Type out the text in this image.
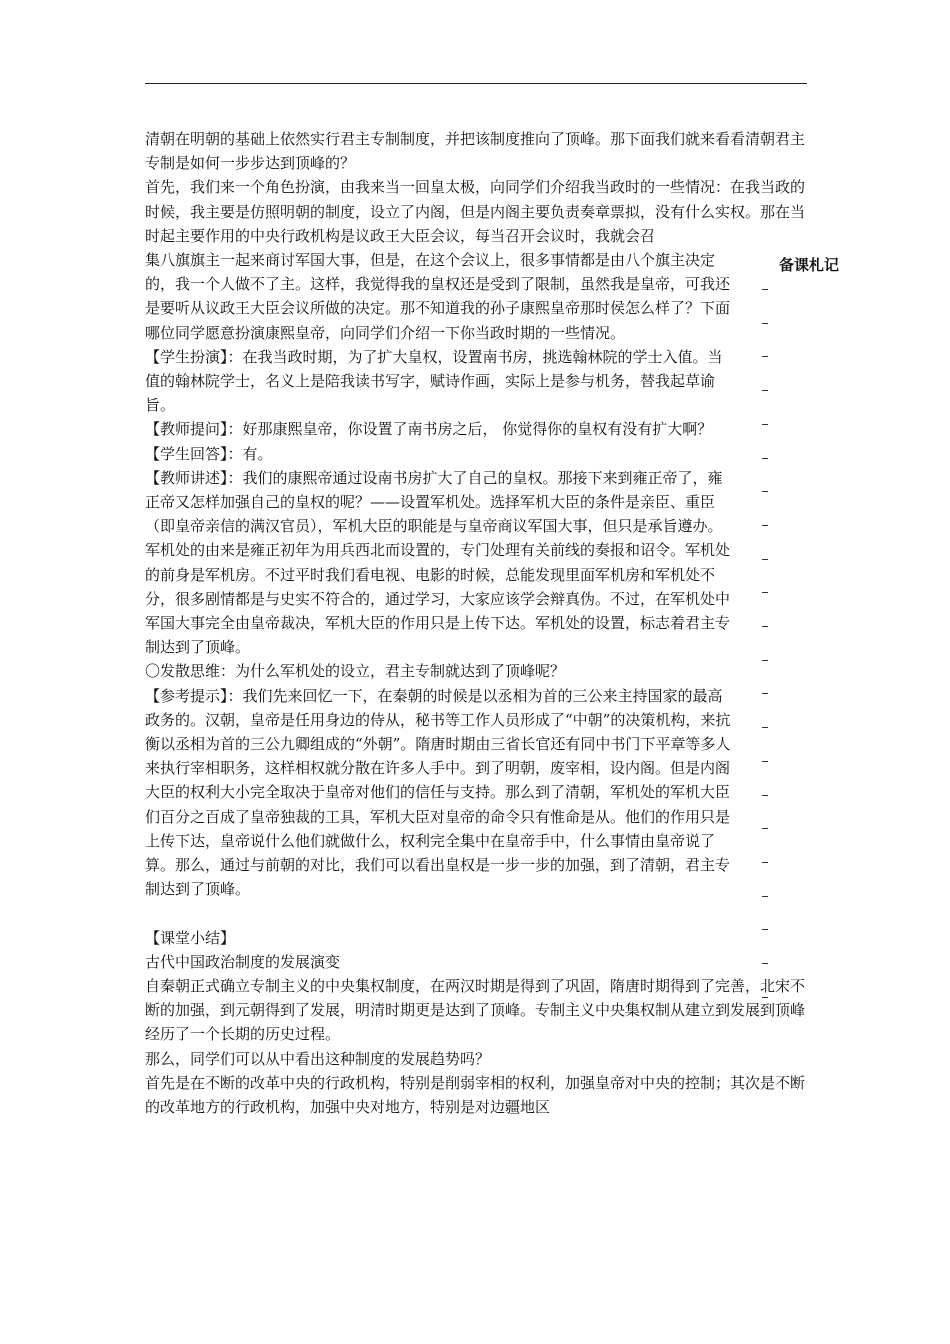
备课札记

清朝在明朝的基础上依然实行君主专制制度，并把该制度推向了顶峰。那下面我们就来看看清朝君主专制是如何一步步达到顶峰的？

首先，我们来一个角色扮演，由我来当一回皇太极，向同学们介绍我当政时的一些情况：在我当政的时候，我主要是仿照明朝的制度，设立了内阁，但是内阁主要负责奏章票拟，没有什么实权。那在当时起主要作用的中央行政机构是议政王大臣会议，每当召开会议时，我就会召

集八旗旗主一起来商讨军国大事，但是，在这个会议上，很多事情都是由八个旗主决定的，我一个人做不了主。这样，我觉得我的皇权还是受到了限制，虽然我是皇帝，可我还是要听从议政王大臣会议所做的决定。那不知道我的孙子康熙皇帝那时侯怎么样了？下面哪位同学愿意扮演康熙皇帝，向同学们介绍一下你当政时期的一些情况。

【学生扮演】：在我当政时期，为了扩大皇权，设置南书房，挑选翰林院的学士入值。当值的翰林院学士，名义上是陪我读书写字，赋诗作画，实际上是参与机务，替我起草谕旨。

【教师提问】：好那康熙皇帝，你设置了南书房之后， 你觉得你的皇权有没有扩大啊？

【学生回答】：有。

【教师讲述】：我们的康熙帝通过设南书房扩大了自己的皇权。那接下来到雍正帝了，雍正帝又怎样加强自己的皇权的呢？——设置军机处。选择军机大臣的条件是亲臣、重臣（即皇帝亲信的满汉官员），军机大臣的职能是与皇帝商议军国大事，但只是承旨遵办。

军机处的由来是雍正初年为用兵西北而设置的，专门处理有关前线的奏报和诏令。军机处的前身是军机房。不过平时我们看电视、电影的时候，总能发现里面军机房和军机处不分，很多剧情都是与史实不符合的，通过学习，大家应该学会辩真伪。不过，在军机处中军国大事完全由皇帝裁决，军机大臣的作用只是上传下达。军机处的设置，标志着君主专制达到了顶峰。

〇发散思维：为什么军机处的设立，君主专制就达到了顶峰呢？

【参考提示】：我们先来回忆一下，在秦朝的时候是以丞相为首的三公来主持国家的最高政务的。汉朝，皇帝是任用身边的侍从，秘书等工作人员形成了“中朝”的决策机构，来抗衡以丞相为首的三公九卿组成的“外朝”。隋唐时期由三省长官还有同中书门下平章等多人来执行宰相职务，这样相权就分散在许多人手中。到了明朝，废宰相，设内阁。但是内阁大臣的权利大小完全取决于皇帝对他们的信任与支持。那么到了清朝，军机处的军机大臣们百分之百成了皇帝独裁的工具，军机大臣对皇帝的命令只有惟命是从。他们的作用只是上传下达，皇帝说什么他们就做什么，权利完全集中在皇帝手中，什么事情由皇帝说了算。那么，通过与前朝的对比，我们可以看出皇权是一步一步的加强，到了清朝，君主专制达到了顶峰。

【课堂小结】

古代中国政治制度的发展演变

自秦朝正式确立专制主义的中央集权制度，在两汉时期是得到了巩固，隋唐时期得到了完善，北宋不断的加强，到元朝得到了发展，明清时期更是达到了顶峰。专制主义中央集权制从建立到发展到顶峰经历了一个长期的历史过程。

那么，同学们可以从中看出这种制度的发展趋势吗？

首先是在不断的改革中央的行政机构，特别是削弱宰相的权利，加强皇帝对中央的控制；其次是不断的改革地方的行政机构，加强中央对地方，特别是对边疆地区
